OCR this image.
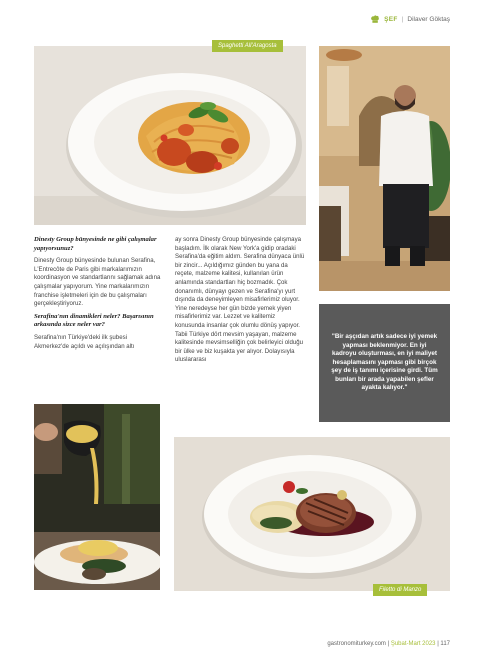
ŞEF | Dilaver Göktaş
Spaghetti All'Aragosta

Dinesty Group bünyesinde ne gibi çalışmalar yapıyorsunuz?

Dinesty Group bünyesinde bulunan Serafina, L'Entrecôte de Paris gibi markalarımızın koordinasyon ve standartlarını sağlamak adına çalışmalar yapıyorum. Yine markalarımızın franchise işletmeleri için de bu çalışmaları gerçekleştiriyoruz.

Serafina'nın dinamikleri neler? Başarısının arkasında sizce neler var?

Serafina'nın Türkiye'deki ilk şubesi Akmerkez'de açıldı ve açılışından altı

ay sonra Dinesty Group bünyesinde çalışmaya başladım. İlk olarak New York'a gidip oradaki Serafina'da eğitim aldım. Serafina dünyaca ünlü bir zincir... Açıldığımız günden bu yana da reçete, malzeme kalitesi, kullanılan ürün anlamında standartları hiç bozmadık. Çok donanımlı, dünyayı gezen ve Serafina'yı yurt dışında da deneyimleyen misafirlerimiz oluyor. Yine neredeyse her gün bizde yemek yiyen misafirlerimiz var. Lezzet ve kalitemiz konusunda insanlar çok olumlu dönüş yapıyor. Tabii Türkiye dört mevsim yaşayan, malzeme kalitesinde mevsimselliğin çok belirleyici olduğu bir ülke ve biz kuşakta yer alıyor. Dolayısıyla uluslararası

"Bir aşçıdan artık sadece iyi yemek yapması beklenmiyor. En iyi kadroyu oluşturması, en iyi maliyet hesaplamasını yapması gibi birçok şey de iş tanımı içerisine girdi. Tüm bunları bir arada yapabilen şefler ayakta kalıyor."
Filetto di Manzo
gastronomiturkey.com | Şubat-Mart 2023 | 117
